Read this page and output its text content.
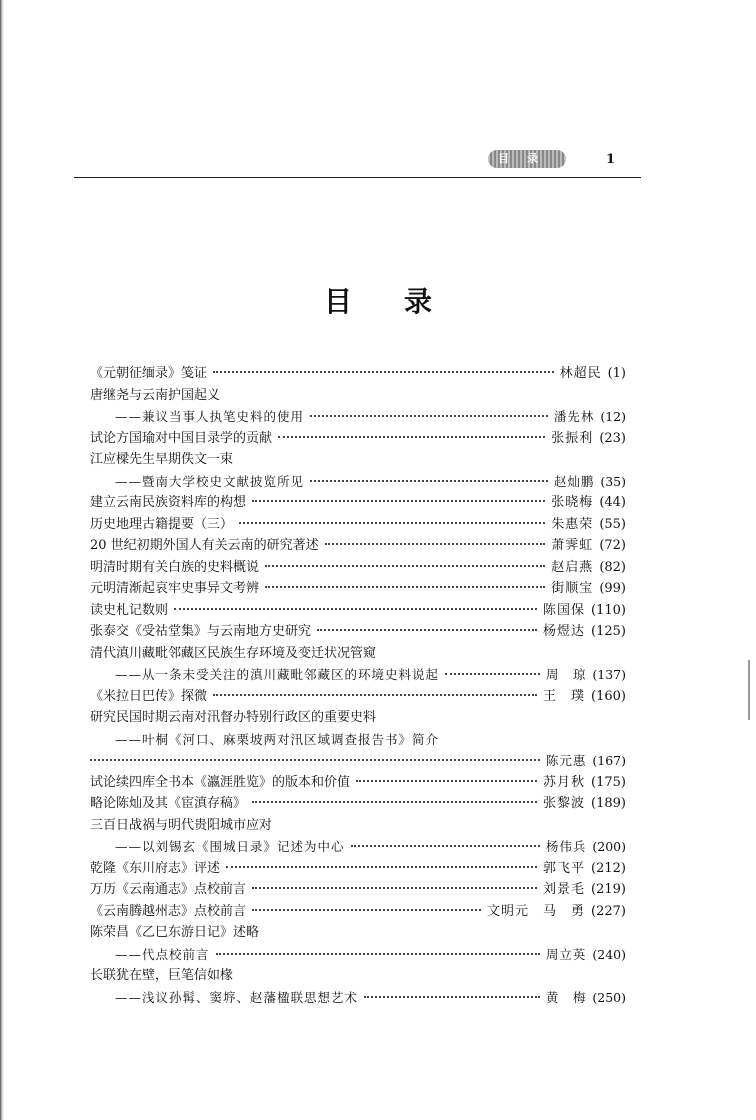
目录	1
目录
《元朝征缅录》笺证	林超民 (1)
唐继尧与云南护国起义
——兼议当事人执笔史料的使用	潘先林 (12)
试论方国瑜对中国目录学的贡献	张振利 (23)
江应樑先生早期佚文一束
——暨南大学校史文献披览所见	赵灿鹏 (35)
建立云南民族资料库的构想	张晓梅 (44)
历史地理古籍提要（三）	朱惠荣 (55)
20 世纪初期外国人有关云南的研究著述	萧霁虹 (72)
明清时期有关白族的史料概说	赵启燕 (82)
元明清渐起哀牢史事异文考辨	街顺宝 (99)
读史札记数则	陈国保 (110)
张泰交《受祜堂集》与云南地方史研究	杨煜达 (125)
清代滇川藏毗邻藏区民族生存环境及变迁状况管窥
——从一条未受关注的滇川藏毗邻藏区的环境史料说起	周　琼 (137)
《米拉日巴传》探微	王　璞 (160)
研究民国时期云南对汛督办特别行政区的重要史料
——叶桐《河口、麻栗坡两对汛区域调查报告书》简介
陈元惠 (167)
试论续四库全书本《瀛涯胜览》的版本和价值	苏月秋 (175)
略论陈灿及其《宦滇存稿》	张黎波 (189)
三百日战祸与明代贵阳城市应对
——以刘锡玄《围城日录》记述为中心	杨伟兵 (200)
乾隆《东川府志》评述	郭飞平 (212)
万历《云南通志》点校前言	刘景毛 (219)
《云南腾越州志》点校前言	文明元　马　勇 (227)
陈荣昌《乙巳东游日记》述略
——代点校前言	周立英 (240)
长联犹在壁，巨笔信如椽
——浅议孙髯、窦垿、赵藩楹联思想艺术	黄　梅 (250)
